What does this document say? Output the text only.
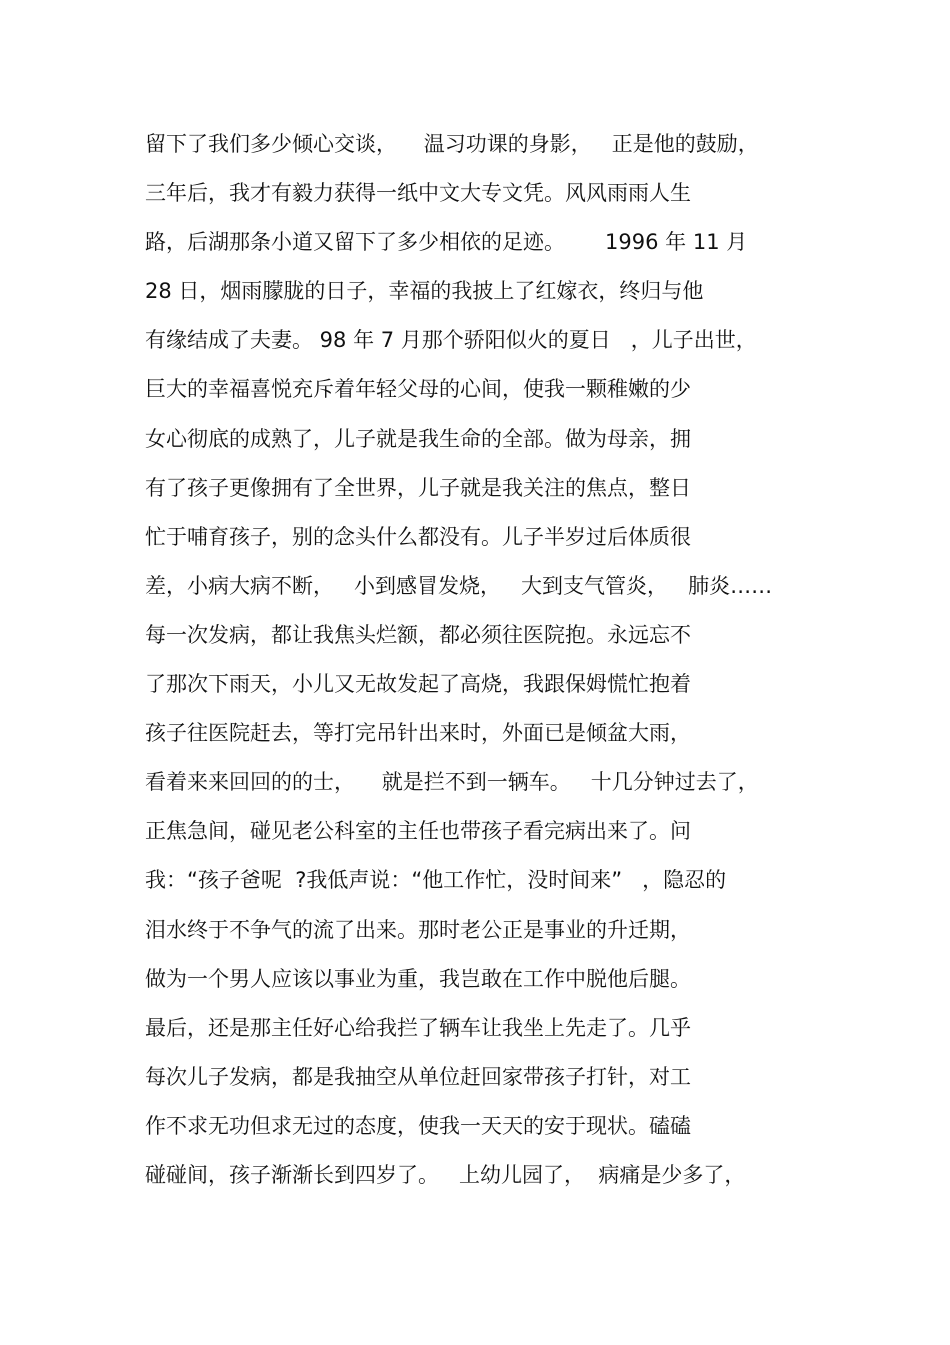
留下了我们多少倾心交谈，    温习功课的身影，   正是他的鼓励，
三年后，我才有毅力获得一纸中文大专文凭。风风雨雨人生
路，后湖那条小道又留下了多少相依的足迹。      1996 年 11 月
28 日，烟雨朦胧的日子，幸福的我披上了红嫁衣，终归与他
有缘结成了夫妻。 98 年 7 月那个骄阳似火的夏日   ，儿子出世，
巨大的幸福喜悦充斥着年轻父母的心间，使我一颗稚嫩的少
女心彻底的成熟了，儿子就是我生命的全部。做为母亲，拥
有了孩子更像拥有了全世界，儿子就是我关注的焦点，整日
忙于哺育孩子，别的念头什么都没有。儿子半岁过后体质很
差，小病大病不断，   小到感冒发烧，   大到支气管炎，   肺炎……
每一次发病，都让我焦头烂额，都必须往医院抱。永远忘不
了那次下雨天，小儿又无故发起了高烧，我跟保姆慌忙抱着
孩子往医院赶去，等打完吊针出来时，外面已是倾盆大雨，
看着来来回回的的士，    就是拦不到一辆车。   十几分钟过去了，
正焦急间，碰见老公科室的主任也带孩子看完病出来了。问
我：“孩子爸呢  ?我低声说：“他工作忙，没时间来”   ，隐忍的
泪水终于不争气的流了出来。那时老公正是事业的升迁期，
做为一个男人应该以事业为重，我岂敢在工作中脱他后腿。
最后，还是那主任好心给我拦了辆车让我坐上先走了。几乎
每次儿子发病，都是我抽空从单位赶回家带孩子打针，对工
作不求无功但求无过的态度，使我一天天的安于现状。磕磕
碰碰间，孩子渐渐长到四岁了。   上幼儿园了，  病痛是少多了，
